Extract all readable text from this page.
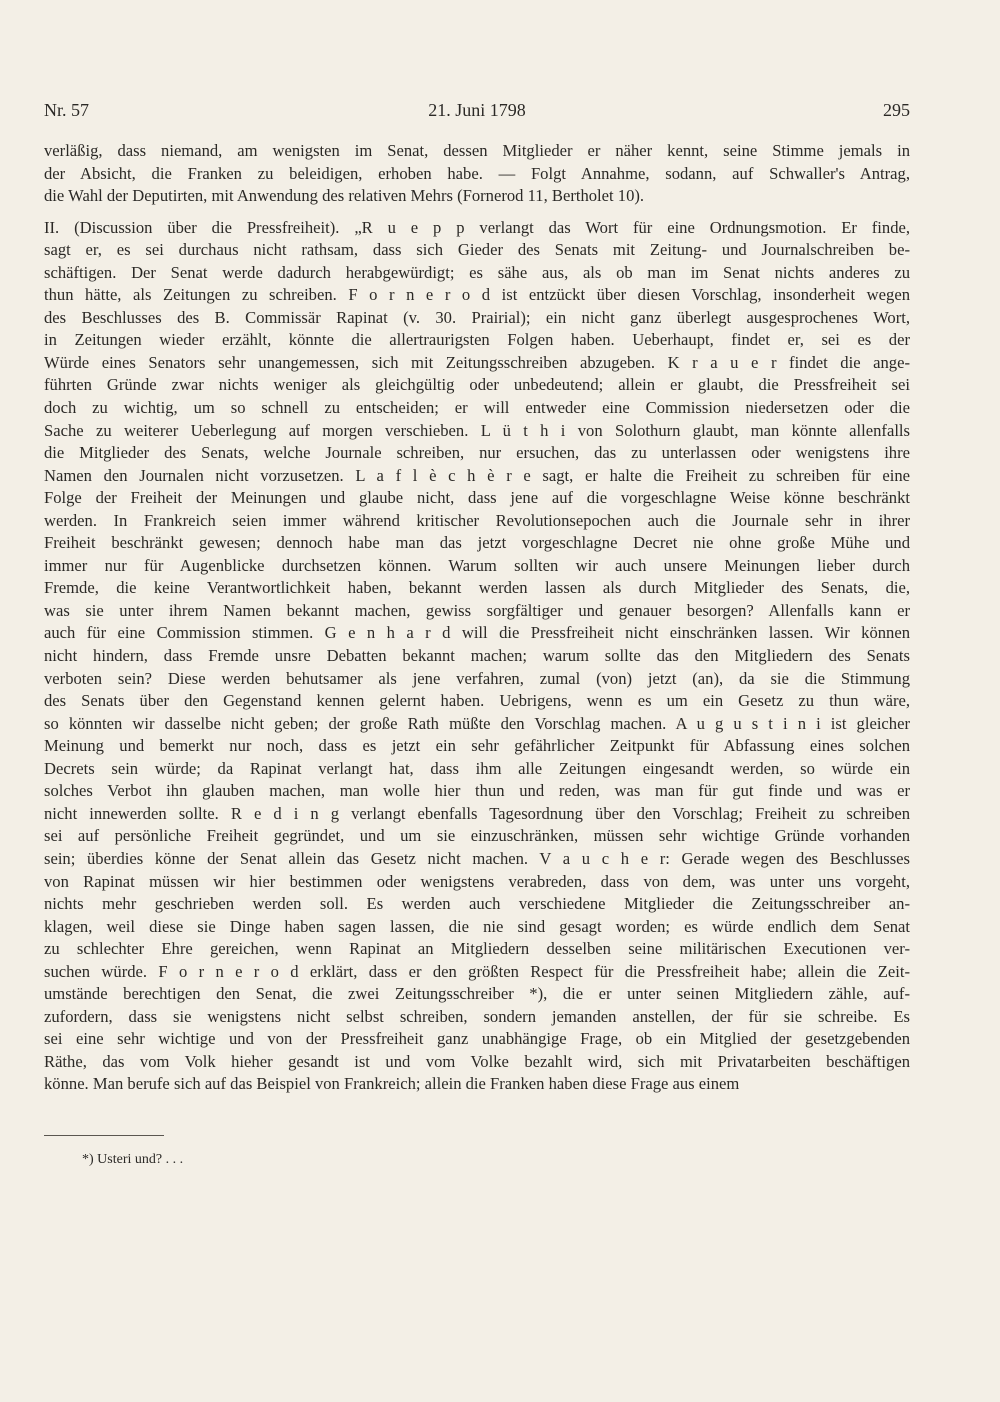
Nr. 57	21. Juni 1798	295
verläßig, dass niemand, am wenigsten im Senat, dessen Mitglieder er näher kennt, seine Stimme jemals in
der Absicht, die Franken zu beleidigen, erhoben habe. — Folgt Annahme, sodann, auf Schwaller's Antrag,
die Wahl der Deputirten, mit Anwendung des relativen Mehrs (Fornerod 11, Bertholet 10).
II. (Discussion über die Pressfreiheit). „R u e p p verlangt das Wort für eine Ordnungsmotion. Er finde,
sagt er, es sei durchaus nicht rathsam, dass sich Gieder des Senats mit Zeitung- und Journalschreiben be-
schäftigen. Der Senat werde dadurch herabgewürdigt; es sähe aus, als ob man im Senat nichts anderes zu
thun hätte, als Zeitungen zu schreiben. F o r n e r o d ist entzückt über diesen Vorschlag, insonderheit wegen
des Beschlusses des B. Commissär Rapinat (v. 30. Prairial); ein nicht ganz überlegt ausgesprochenes Wort,
in Zeitungen wieder erzählt, könnte die allertraurigsten Folgen haben. Ueberhaupt, findet er, sei es der
Würde eines Senators sehr unangemessen, sich mit Zeitungsschreiben abzugeben. K r a u e r findet die ange-
führten Gründe zwar nichts weniger als gleichgültig oder unbedeutend; allein er glaubt, die Pressfreiheit sei
doch zu wichtig, um so schnell zu entscheiden; er will entweder eine Commission niedersetzen oder die
Sache zu weiterer Ueberlegung auf morgen verschieben. L ü t h i von Solothurn glaubt, man könnte allenfalls
die Mitglieder des Senats, welche Journale schreiben, nur ersuchen, das zu unterlassen oder wenigstens ihre
Namen den Journalen nicht vorzusetzen. L a f l è c h è r e sagt, er halte die Freiheit zu schreiben für eine
Folge der Freiheit der Meinungen und glaube nicht, dass jene auf die vorgeschlagne Weise könne beschränkt
werden. In Frankreich seien immer während kritischer Revolutionsepochen auch die Journale sehr in ihrer
Freiheit beschränkt gewesen; dennoch habe man das jetzt vorgeschlagne Decret nie ohne große Mühe und
immer nur für Augenblicke durchsetzen können. Warum sollten wir auch unsere Meinungen lieber durch
Fremde, die keine Verantwortlichkeit haben, bekannt werden lassen als durch Mitglieder des Senats, die,
was sie unter ihrem Namen bekannt machen, gewiss sorgfältiger und genauer besorgen? Allenfalls kann er
auch für eine Commission stimmen. G e n h a r d will die Pressfreiheit nicht einschränken lassen. Wir können
nicht hindern, dass Fremde unsre Debatten bekannt machen; warum sollte das den Mitgliedern des Senats
verboten sein? Diese werden behutsamer als jene verfahren, zumal (von) jetzt (an), da sie die Stimmung
des Senats über den Gegenstand kennen gelernt haben. Uebrigens, wenn es um ein Gesetz zu thun wäre,
so könnten wir dasselbe nicht geben; der große Rath müßte den Vorschlag machen. A u g u s t i n i ist gleicher
Meinung und bemerkt nur noch, dass es jetzt ein sehr gefährlicher Zeitpunkt für Abfassung eines solchen
Decrets sein würde; da Rapinat verlangt hat, dass ihm alle Zeitungen eingesandt werden, so würde ein
solches Verbot ihn glauben machen, man wolle hier thun und reden, was man für gut finde und was er
nicht innewerden sollte. R e d i n g verlangt ebenfalls Tagesordnung über den Vorschlag; Freiheit zu schreiben
sei auf persönliche Freiheit gegründet, und um sie einzuschränken, müssen sehr wichtige Gründe vorhanden
sein; überdies könne der Senat allein das Gesetz nicht machen. V a u c h e r: Gerade wegen des Beschlusses
von Rapinat müssen wir hier bestimmen oder wenigstens verabreden, dass von dem, was unter uns vorgeht,
nichts mehr geschrieben werden soll. Es werden auch verschiedene Mitglieder die Zeitungsschreiber an-
klagen, weil diese sie Dinge haben sagen lassen, die nie sind gesagt worden; es würde endlich dem Senat
zu schlechter Ehre gereichen, wenn Rapinat an Mitgliedern desselben seine militärischen Executionen ver-
suchen würde. F o r n e r o d erklärt, dass er den größten Respect für die Pressfreiheit habe; allein die Zeit-
umstände berechtigen den Senat, die zwei Zeitungsschreiber *), die er unter seinen Mitgliedern zähle, auf-
zufordern, dass sie wenigstens nicht selbst schreiben, sondern jemanden anstellen, der für sie schreibe. Es
sei eine sehr wichtige und von der Pressfreiheit ganz unabhängige Frage, ob ein Mitglied der gesetzgebenden
Räthe, das vom Volk hieher gesandt ist und vom Volke bezahlt wird, sich mit Privatarbeiten beschäftigen
könne. Man berufe sich auf das Beispiel von Frankreich; allein die Franken haben diese Frage aus einem
*) Usteri und? . . .
